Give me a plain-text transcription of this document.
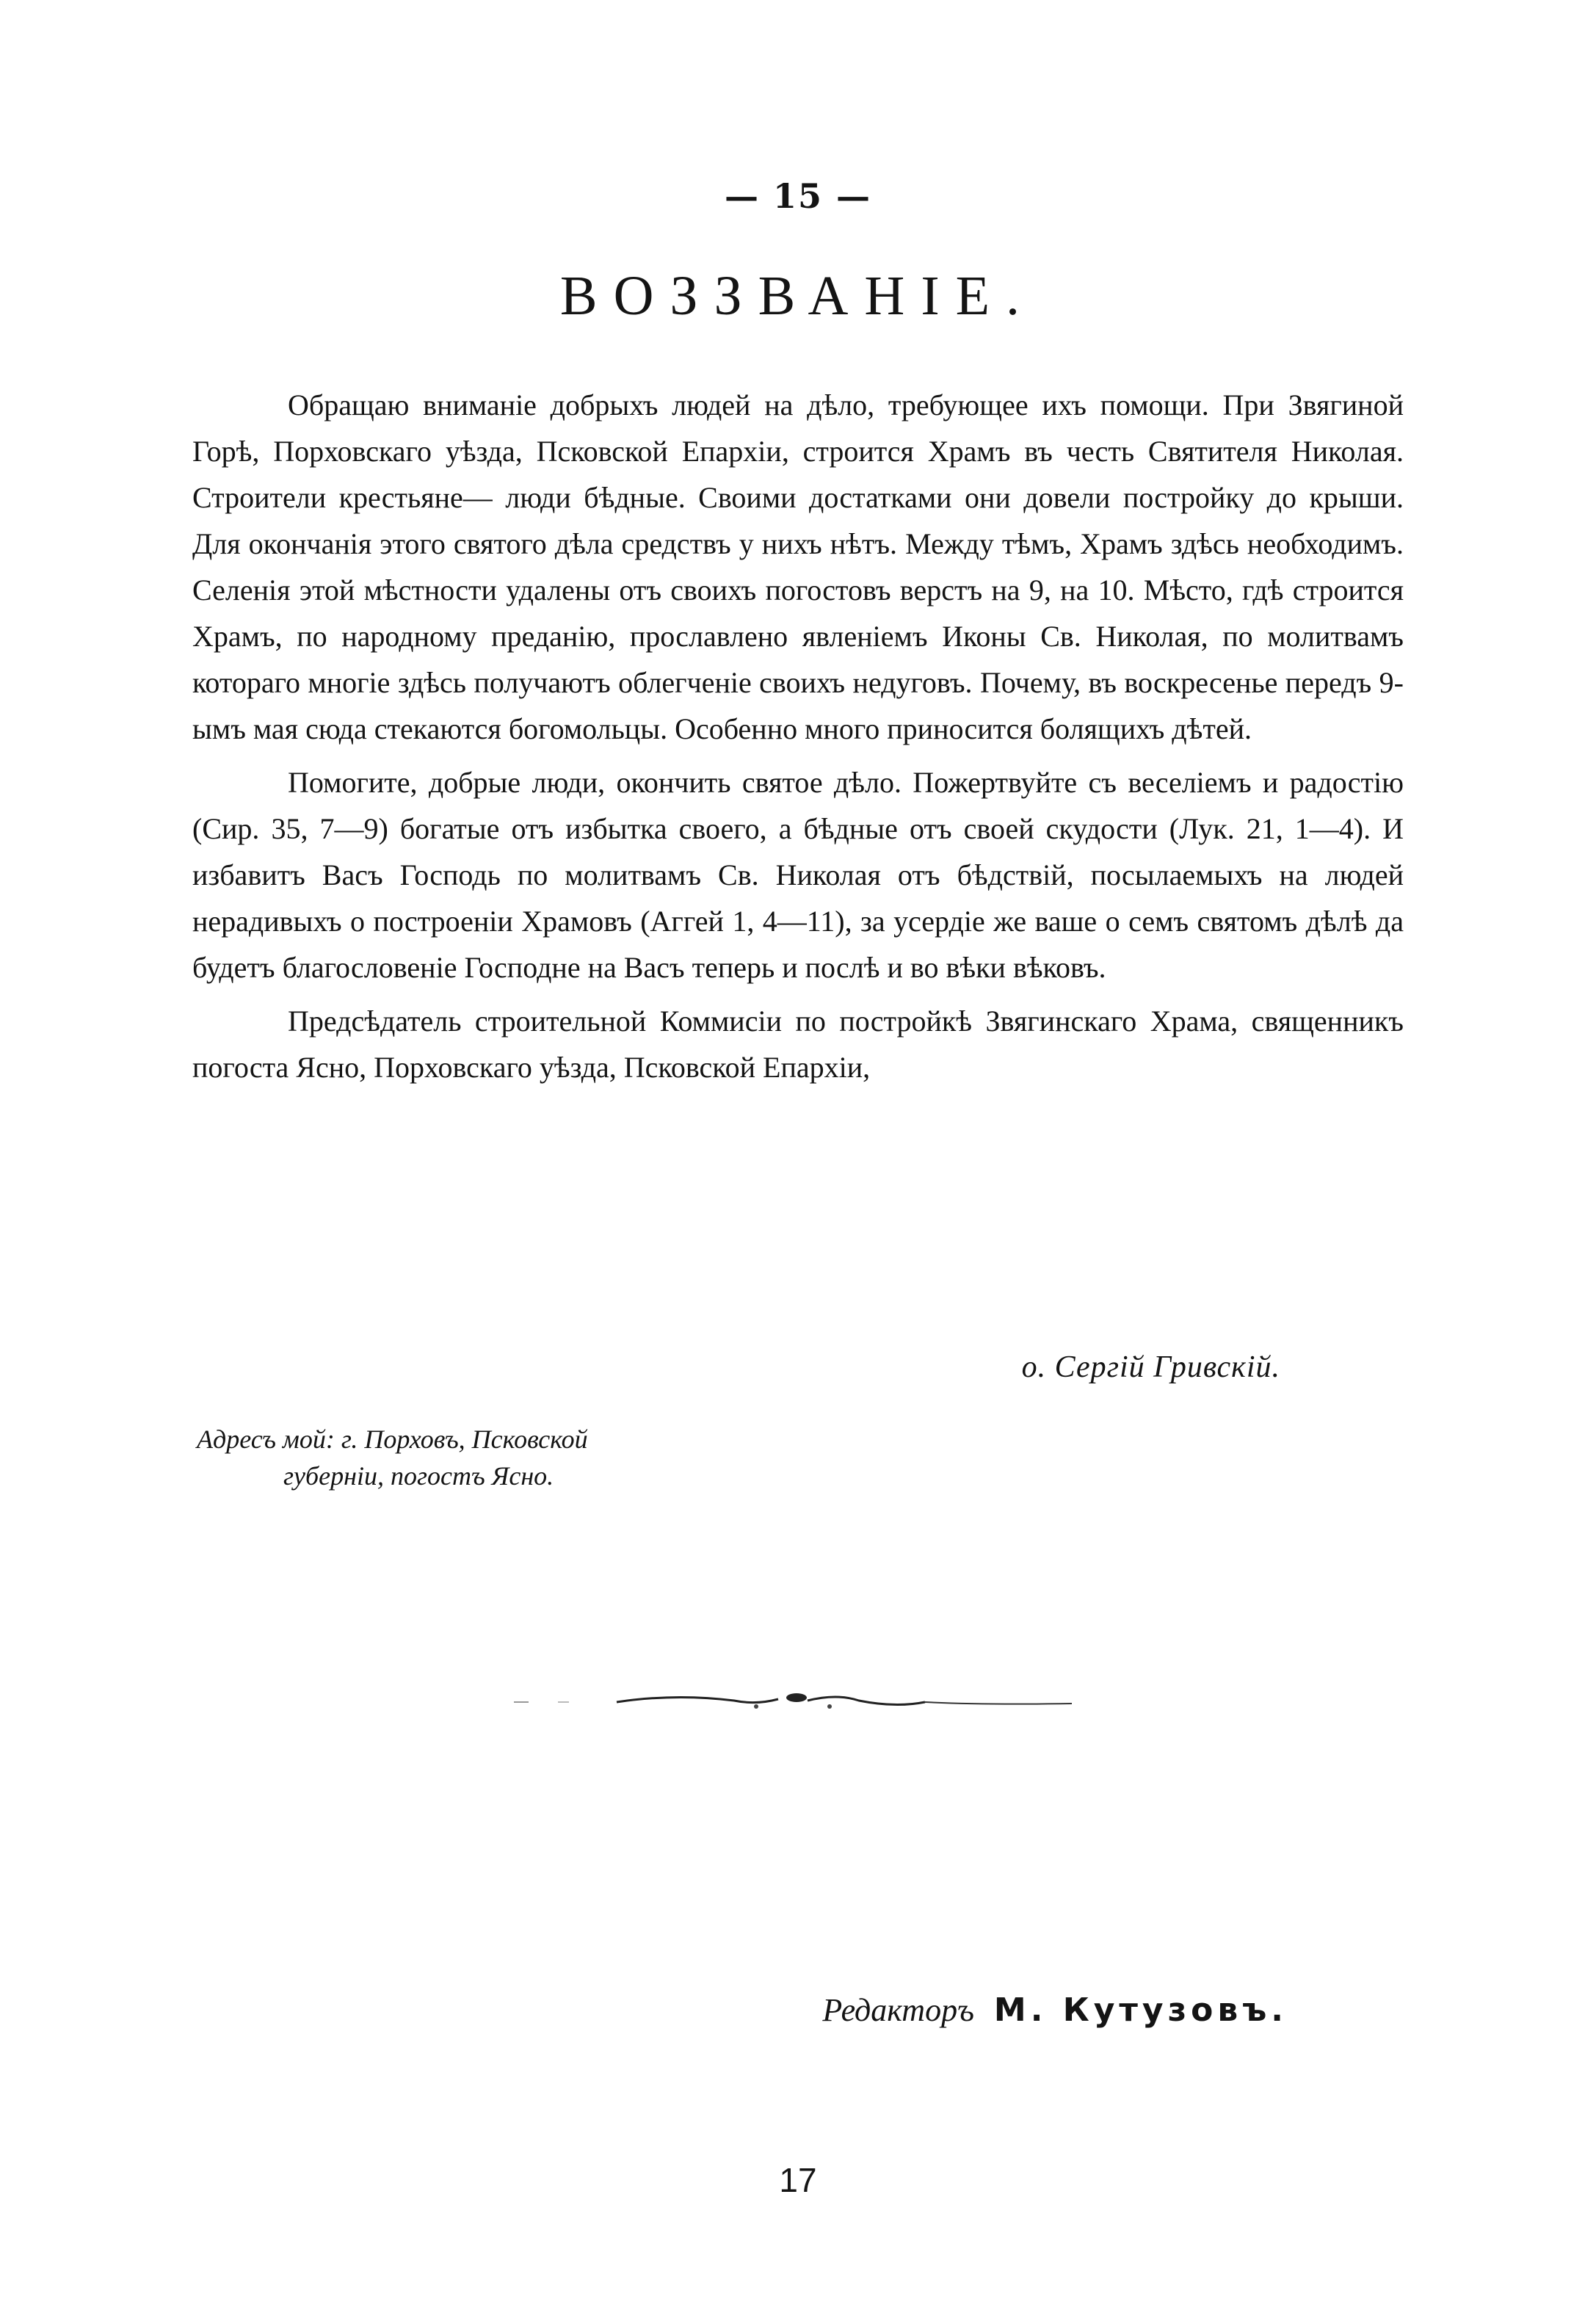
— 15 —
ВОЗЗВАНIЕ.

Обращаю вниманiе добрыхъ людей на дѣло, требующее ихъ помощи. При Звягиной Горѣ, Порховскаго уѣзда, Псковской Епархiи, строится Храмъ въ честь Святителя Николая. Строители крестьяне— люди бѣдные. Своими достатками они довели постройку до крыши. Для окончанiя этого святого дѣла средствъ у нихъ нѣтъ. Между тѣмъ, Храмъ здѣсь необходимъ. Селенiя этой мѣстности удалены отъ своихъ погостовъ верстъ на 9, на 10. Мѣсто, гдѣ строится Храмъ, по народному преданiю, прославлено явленiемъ Иконы Св. Николая, по молитвамъ котораго многiе здѣсь получаютъ облегченiе своихъ недуговъ. Почему, въ воскресенье передъ 9-ымъ мая сюда стекаются богомольцы. Особенно много приносится болящихъ дѣтей.

Помогите, добрые люди, окончить святое дѣло. Пожертвуйте съ веселiемъ и радостiю (Сир. 35, 7—9) богатые отъ избытка своего, а бѣдные отъ своей скудости (Лук. 21, 1—4). И избавитъ Васъ Господь по молитвамъ Св. Николая отъ бѣдствiй, посылаемыхъ на людей нерадивыхъ о построенiи Храмовъ (Аггей 1, 4—11), за усердiе же ваше о семъ святомъ дѣлѣ да будетъ благословенiе Господне на Васъ теперь и послѣ и во вѣки вѣковъ.

Предсѣдатель строительной Коммисiи по постройкѣ Звягинскаго Храма, священникъ погоста Ясно, Порховскаго уѣзда, Псковской Епархiи,

о. Сергiй Гривскiй.
Адресъ мой: г. Порховъ, Псковской
губернiи, погостъ Ясно.
Редакторъ М. Кутузовъ.
17
